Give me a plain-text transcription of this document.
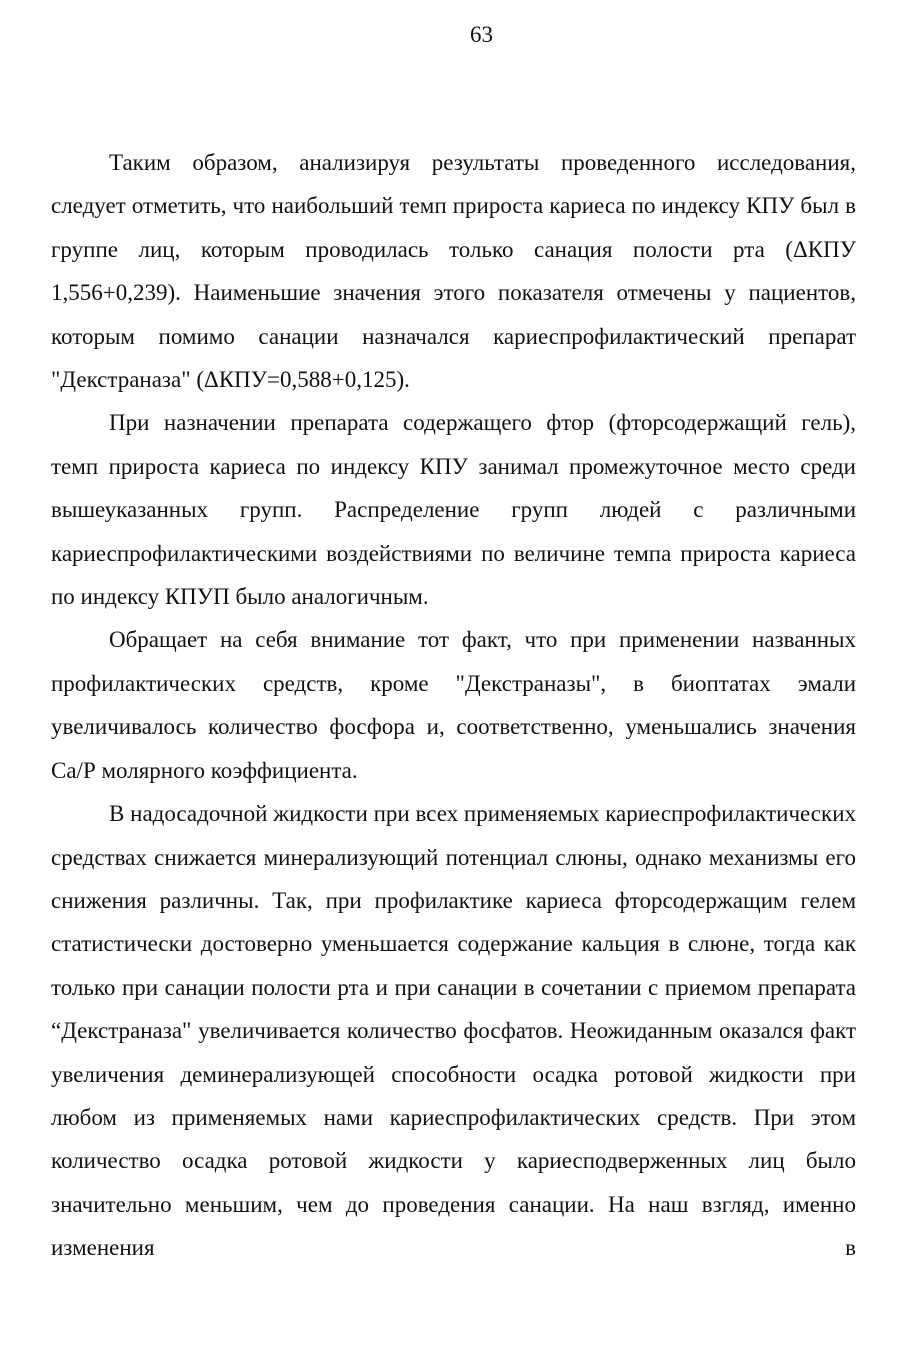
63

Таким образом, анализируя результаты проведенного исследования, следует отметить, что наибольший темп прироста кариеса по индексу КПУ был в группе лиц, которым проводилась только санация полости рта (ΔКПУ 1,556+0,239). Наименьшие значения этого показателя отмечены у пациентов, которым помимо санации назначался кариеспрофилактический препарат "Декстраназа" (ΔКПУ=0,588+0,125).

При назначении препарата содержащего фтор (фторсодержащий гель), темп прироста кариеса по индексу КПУ занимал промежуточное место среди вышеуказанных групп. Распределение групп людей с различными кариеспрофилактическими воздействиями по величине темпа прироста кариеса по индексу КПУП было аналогичным.

Обращает на себя внимание тот факт, что при применении названных профилактических средств, кроме "Декстраназы", в биоптатах эмали увеличивалось количество фосфора и, соответственно, уменьшались значения Са/Р молярного коэффициента.

В надосадочной жидкости при всех применяемых кариеспрофилактических средствах снижается минерализующий потенциал слюны, однако механизмы его снижения различны. Так, при профилактике кариеса фторсодержащим гелем статистически достоверно уменьшается содержание кальция в слюне, тогда как только при санации полости рта и при санации в сочетании с приемом препарата “Декстраназа" увеличивается количество фосфатов. Неожиданным оказался факт увеличения деминерализующей способности осадка ротовой жидкости при любом из применяемых нами кариеспрофилактических средств. При этом количество осадка ротовой жидкости у кариесподверженных лиц было значительно меньшим, чем до проведения санации. На наш взгляд, именно изменения в
